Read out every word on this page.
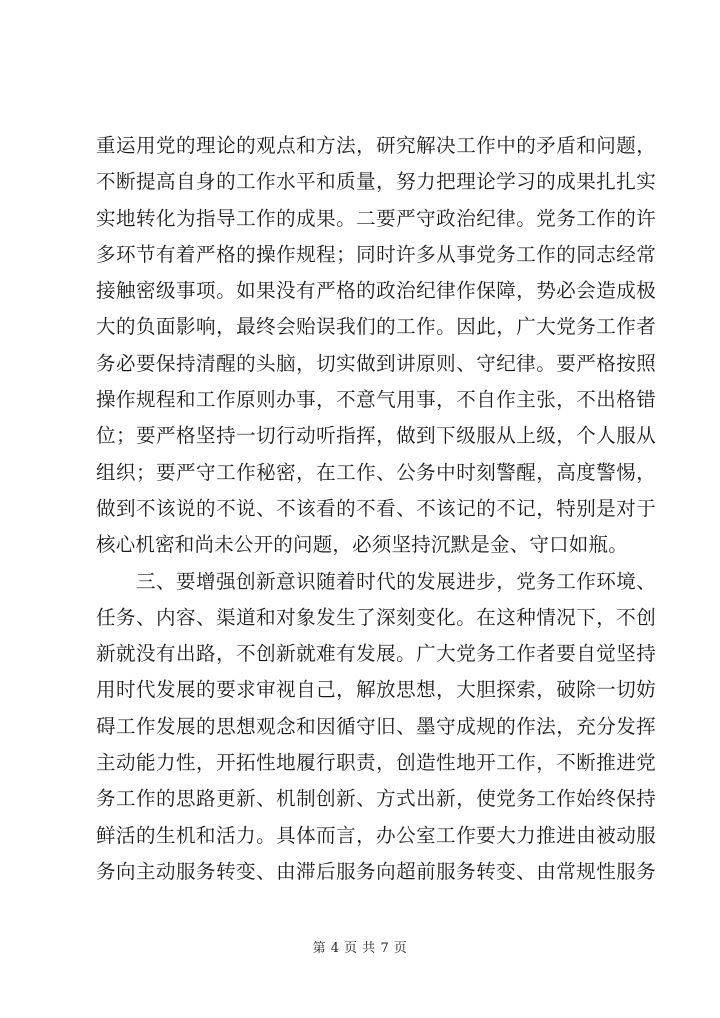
重运用党的理论的观点和方法，研究解决工作中的矛盾和问题，
不断提高自身的工作水平和质量，努力把理论学习的成果扎扎实
实地转化为指导工作的成果。二要严守政治纪律。党务工作的许
多环节有着严格的操作规程；同时许多从事党务工作的同志经常
接触密级事项。如果没有严格的政治纪律作保障，势必会造成极
大的负面影响，最终会贻误我们的工作。因此，广大党务工作者
务必要保持清醒的头脑，切实做到讲原则、守纪律。要严格按照
操作规程和工作原则办事，不意气用事，不自作主张，不出格错
位；要严格坚持一切行动听指挥，做到下级服从上级，个人服从
组织；要严守工作秘密，在工作、公务中时刻警醒，高度警惕，
做到不该说的不说、不该看的不看、不该记的不记，特别是对于
核心机密和尚未公开的问题，必须坚持沉默是金、守口如瓶。
　　三、要增强创新意识随着时代的发展进步，党务工作环境、
任务、内容、渠道和对象发生了深刻变化。在这种情况下，不创
新就没有出路，不创新就难有发展。广大党务工作者要自觉坚持
用时代发展的要求审视自己，解放思想，大胆探索，破除一切妨
碍工作发展的思想观念和因循守旧、墨守成规的作法，充分发挥
主动能力性，开拓性地履行职责，创造性地开工作，不断推进党
务工作的思路更新、机制创新、方式出新，使党务工作始终保持
鲜活的生机和活力。具体而言，办公室工作要大力推进由被动服
务向主动服务转变、由滞后服务向超前服务转变、由常规性服务
第 4 页 共 7 页
